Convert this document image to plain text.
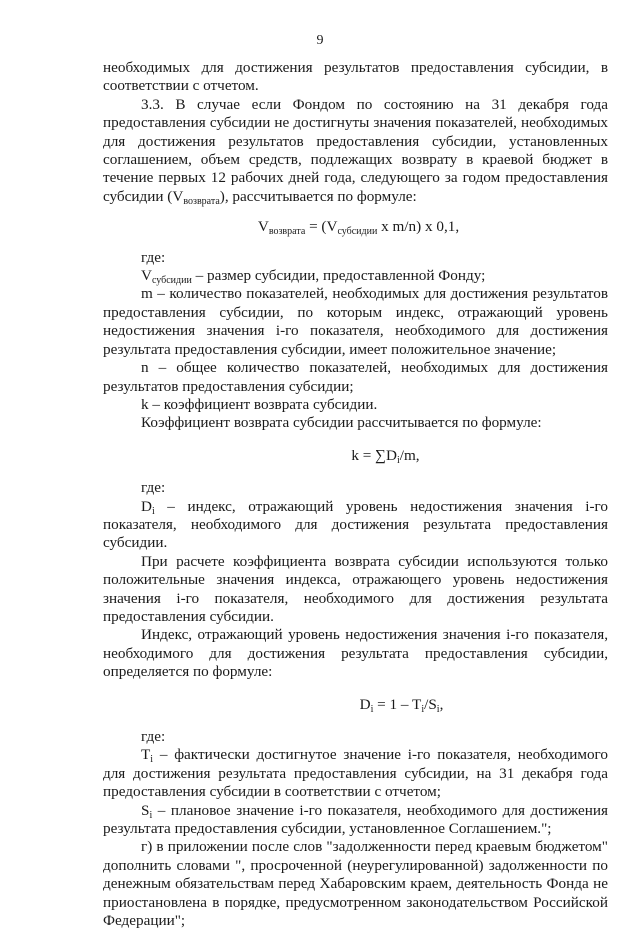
9

необходимых для достижения результатов предоставления субсидии, в соответствии с отчетом.

3.3. В случае если Фондом по состоянию на 31 декабря года предоставления субсидии не достигнуты значения показателей, необходимых для достижения результатов предоставления субсидии, установленных соглашением, объем средств, подлежащих возврату в краевой бюджет в течение первых 12 рабочих дней года, следующего за годом предоставления субсидии $(V_{возврата})$, рассчитывается по формуле:

$V_{возврата} = (V_{субсидии}$ x m/n) x 0,1,

где:

$V_{субсидии}$ – размер субсидии, предоставленной Фонду;

m – количество показателей, необходимых для достижения результатов предоставления субсидии, по которым индекс, отражающий уровень недостижения значения i-го показателя, необходимого для достижения результата предоставления субсидии, имеет положительное значение;

n – общее количество показателей, необходимых для достижения результатов предоставления субсидии;

k – коэффициент возврата субсидии.

Коэффициент возврата субсидии рассчитывается по формуле:

$k = \sum D_i/m$,

где:

$D_i$ – индекс, отражающий уровень недостижения значения i-го показателя, необходимого для достижения результата предоставления субсидии.

При расчете коэффициента возврата субсидии используются только положительные значения индекса, отражающего уровень недостижения значения i-го показателя, необходимого для достижения результата предоставления субсидии.

Индекс, отражающий уровень недостижения значения i-го показателя, необходимого для достижения результата предоставления субсидии, определяется по формуле:

$D_i = 1 - T_i/S_i$,

где:

$T_i$ – фактически достигнутое значение i-го показателя, необходимого для достижения результата предоставления субсидии, на 31 декабря года предоставления субсидии в соответствии с отчетом;

$S_i$ – плановое значение i-го показателя, необходимого для достижения результата предоставления субсидии, установленное Соглашением.";

г) в приложении после слов "задолженности перед краевым бюджетом" дополнить словами ", просроченной (неурегулированной) задолженности по денежным обязательствам перед Хабаровским краем, деятельность Фонда не приостановлена в порядке, предусмотренном законодательством Российской Федерации";
